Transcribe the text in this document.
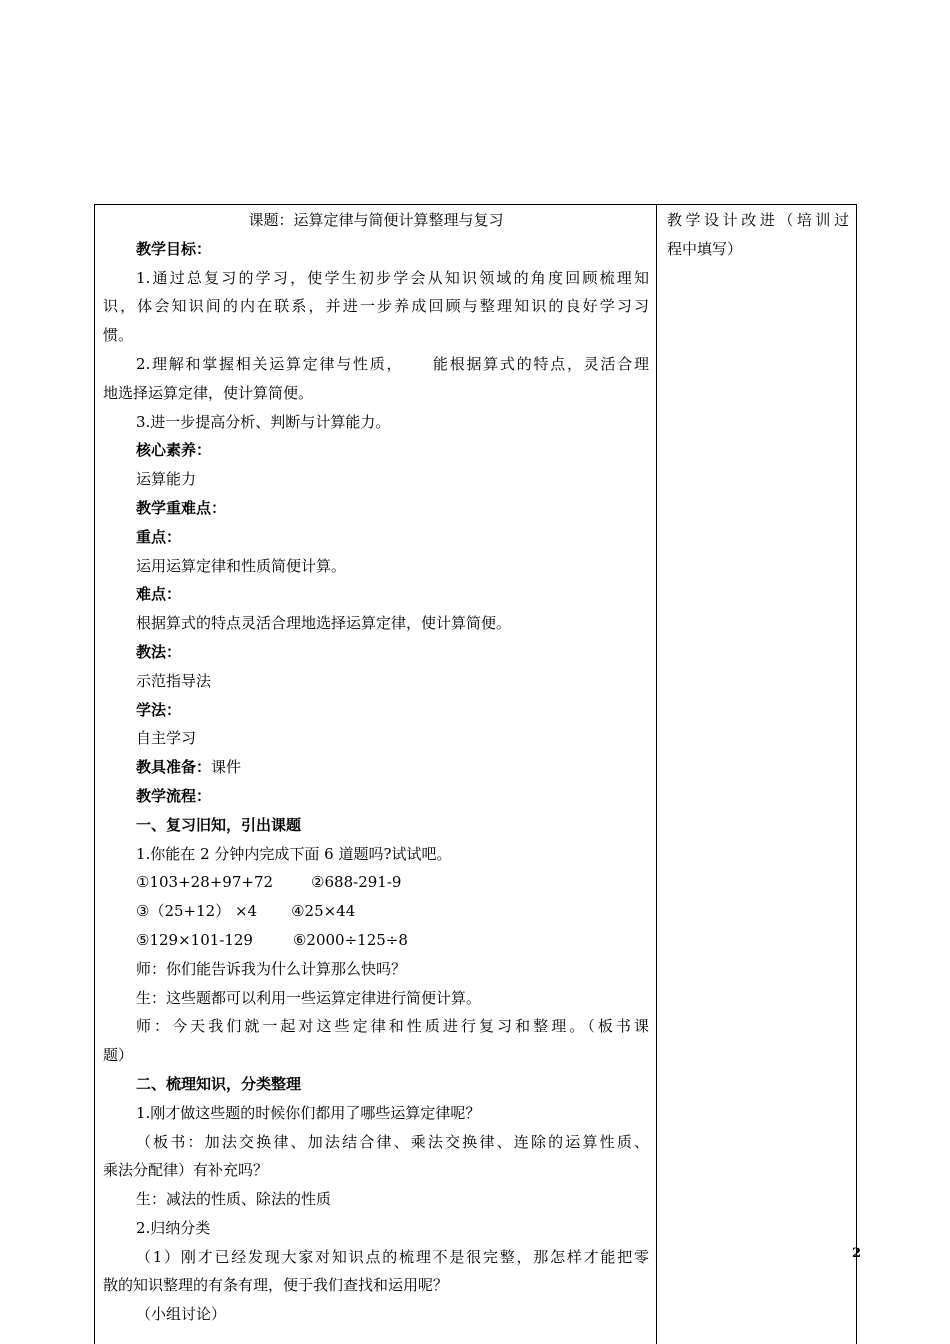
课题：运算定律与简便计算整理与复习
教学目标：
1.通过总复习的学习，使学生初步学会从知识领域的角度回顾梳理知
识，体会知识间的内在联系，并进一步养成回顾与整理知识的良好学习习
惯。
2.理解和掌握相关运算定律与性质， 能根据算式的特点，灵活合理
地选择运算定律，使计算简便。
3.进一步提高分析、判断与计算能力。
核心素养：
运算能力
教学重难点：
重点：
运用运算定律和性质简便计算。
难点：
根据算式的特点灵活合理地选择运算定律，使计算简便。
教法：
示范指导法
学法：
自主学习
教具准备：课件
教学流程：
一、复习旧知，引出课题
1.你能在 2 分钟内完成下面 6 道题吗?试试吧。
①103+28+97+72	②688-291-9
③（25+12） ×4 ④25×44
⑤129×101-129	⑥2000÷125÷8
师：你们能告诉我为什么计算那么快吗？
生：这些题都可以利用一些运算定律进行简便计算。
师：今天我们就一起对这些定律和性质进行复习和整理。（板书课
题）
二、梳理知识，分类整理
1.刚才做这些题的时候你们都用了哪些运算定律呢？
（板书：加法交换律、加法结合律、乘法交换律、连除的运算性质、
乘法分配律）有补充吗？
生：减法的性质、除法的性质
2.归纳分类
（1）刚才已经发现大家对知识点的梳理不是很完整，那怎样才能把零
散的知识整理的有条有理，便于我们查找和运用呢？
（小组讨论）
教学设计改进（培训过
程中填写）
2
